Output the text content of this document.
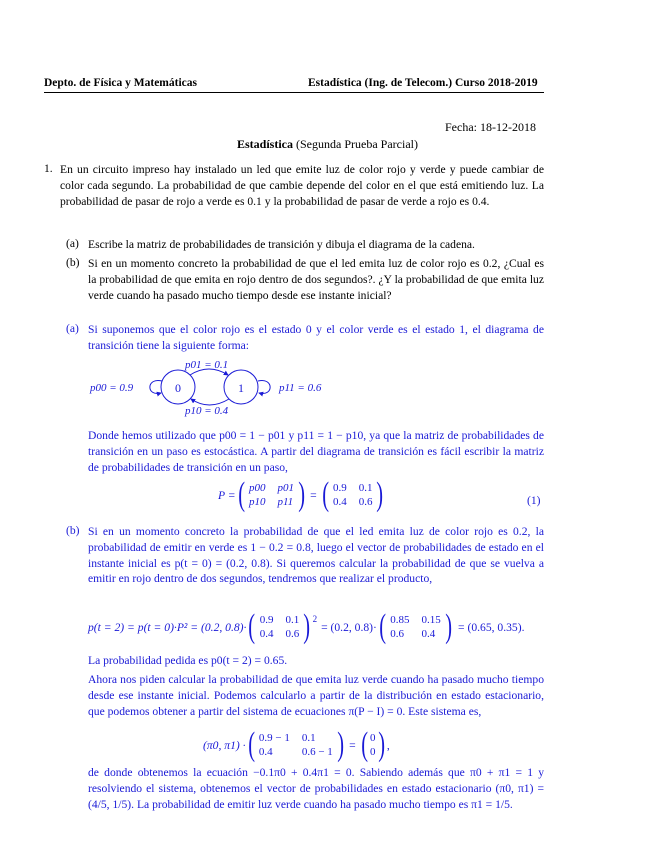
Depto. de Física y Matemáticas	Estadística (Ing. de Telecom.) Curso 2018-2019
Fecha: 18-12-2018
Estadística (Segunda Prueba Parcial)
1. En un circuito impreso hay instalado un led que emite luz de color rojo y verde y puede cambiar de color cada segundo. La probabilidad de que cambie depende del color en el que está emitiendo luz. La probabilidad de pasar de rojo a verde es 0.1 y la probabilidad de pasar de verde a rojo es 0.4.
(a) Escribe la matriz de probabilidades de transición y dibuja el diagrama de la cadena.
(b) Si en un momento concreto la probabilidad de que el led emita luz de color rojo es 0.2, ¿Cual es la probabilidad de que emita en rojo dentro de dos segundos?. ¿Y la probabilidad de que emita luz verde cuando ha pasado mucho tiempo desde ese instante inicial?
(a) Si suponemos que el color rojo es el estado 0 y el color verde es el estado 1, el diagrama de transición tiene la siguiente forma:
0	1
p00 = 0.9
p01 = 0.1
p10 = 0.4
p11 = 0.6
Donde hemos utilizado que p00 = 1 − p01 y p11 = 1 − p10, ya que la matriz de probabilidades de transición en un paso es estocástica. A partir del diagrama de transición es fácil escribir la matriz de probabilidades de transición en un paso,
P = ( p00 p01
p10 p11 ) = ( 0.9 0.1
0.4 0.6 )	(1)
(b) Si en un momento concreto la probabilidad de que el led emita luz de color rojo es 0.2, la probabilidad de emitir en verde es 1 − 0.2 = 0.8, luego el vector de probabilidades de estado en el instante inicial es p(t = 0) = (0.2, 0.8). Si queremos calcular la probabilidad de que se vuelva a emitir en rojo dentro de dos segundos, tendremos que realizar el producto,
p(t = 2) = p(t = 0)·P² = (0.2, 0.8)· ( 0.9 0.1
0.4 0.6 ) $^2$
= (0.2, 0.8)· ( 0.85 0.15
0.6	0.4 ) = (0.65, 0.35).
La probabilidad pedida es p0(t = 2) = 0.65.
Ahora nos piden calcular la probabilidad de que emita luz verde cuando ha pasado mucho tiempo desde ese instante inicial. Podemos calcularlo a partir de la distribución en estado estacionario, que podemos obtener a partir del sistema de ecuaciones π(P − I) = 0. Este sistema es,
(π0, π1) · ( 0.9 − 1 0.1
0.4	0.6 − 1 ) = ( 0
0 ) ,
de donde obtenemos la ecuación −0.1π0 + 0.4π1 = 0. Sabiendo además que π0 + π1 = 1 y resolviendo el sistema, obtenemos el vector de probabilidades en estado estacionario (π0, π1) = (4/5, 1/5). La probabilidad de emitir luz verde cuando ha pasado mucho tiempo es π1 = 1/5.
